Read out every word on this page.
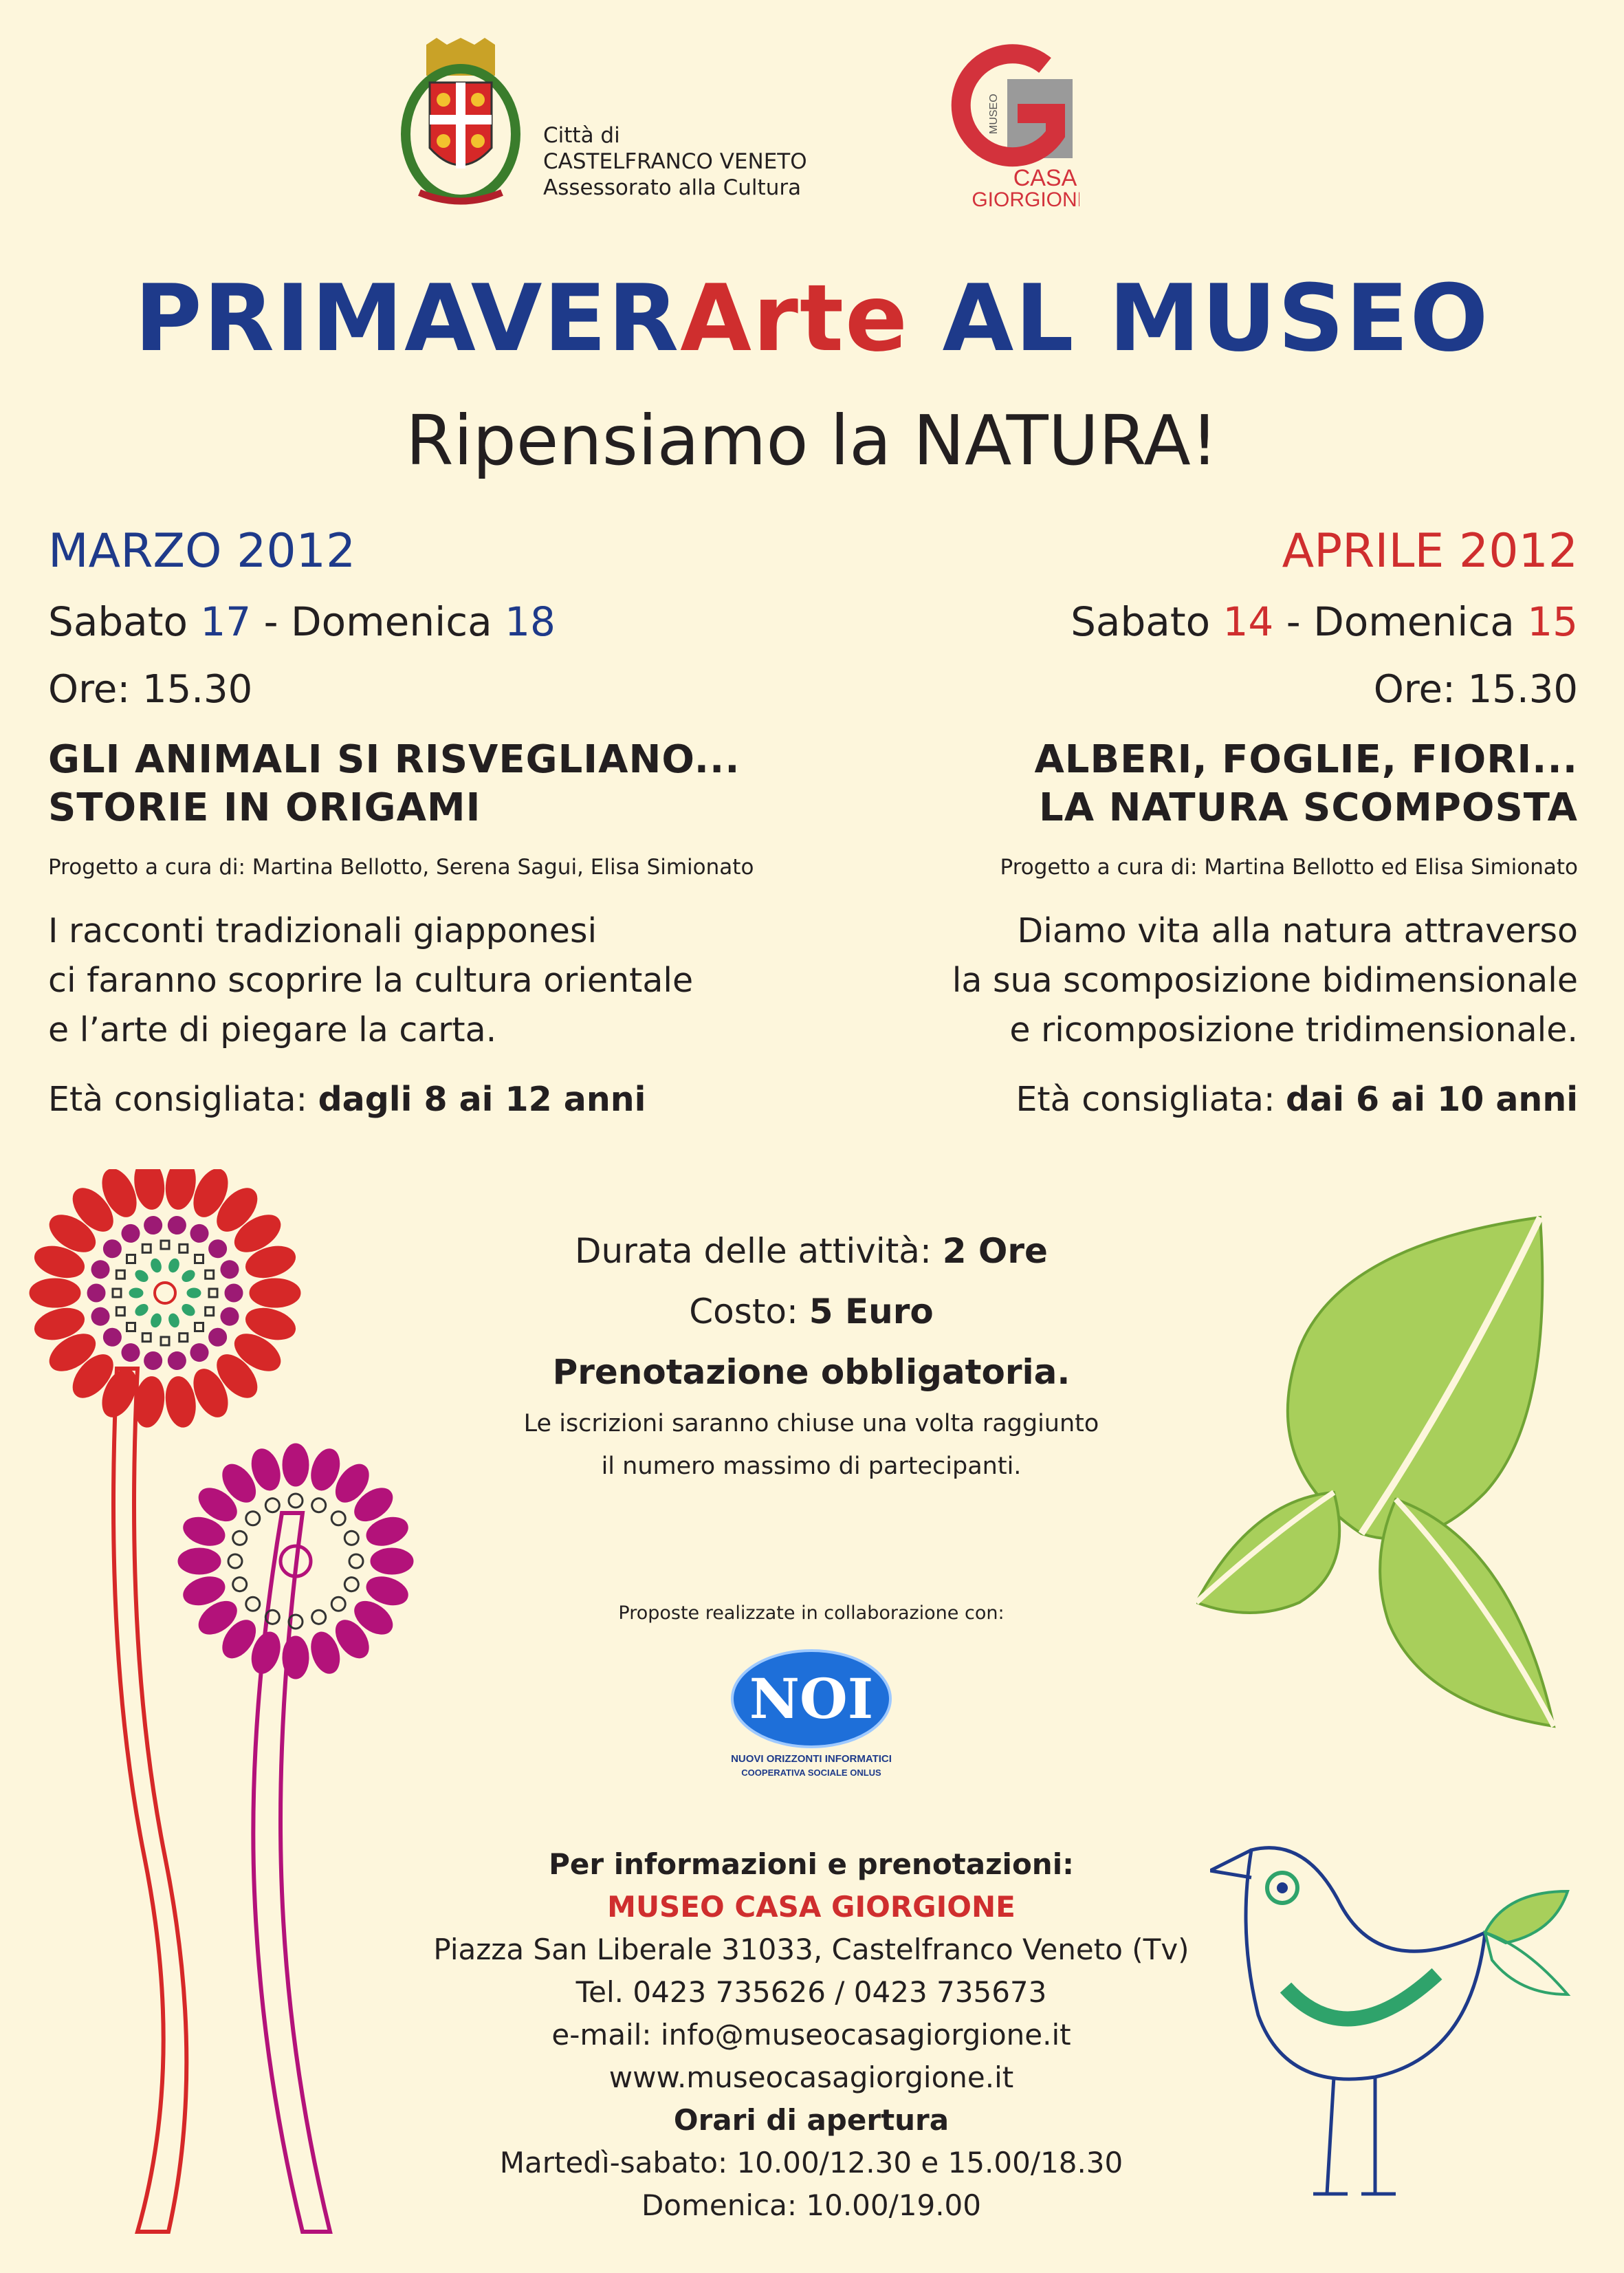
Città di
CASTELFRANCO VENETO
Assessorato alla Cultura
MUSEO
CASA
GIORGIONE
PRIMAVERArte AL MUSEO
Ripensiamo la NATURA!
MARZO 2012
Sabato 17 - Domenica 18
Ore: 15.30
GLI ANIMALI SI RISVEGLIANO...
STORIE IN ORIGAMI
Progetto a cura di: Martina Bellotto, Serena Sagui, Elisa Simionato
I racconti tradizionali giapponesi
ci faranno scoprire la cultura orientale
e l’arte di piegare la carta.
Età consigliata: dagli 8 ai 12 anni
APRILE 2012
Sabato 14 - Domenica 15
Ore: 15.30
ALBERI, FOGLIE, FIORI...
LA NATURA SCOMPOSTA
Progetto a cura di: Martina Bellotto ed Elisa Simionato
Diamo vita alla natura attraverso
la sua scomposizione bidimensionale
e ricomposizione tridimensionale.
Età consigliata: dai 6 ai 10 anni
Durata delle attività: 2 Ore
Costo: 5 Euro
Prenotazione obbligatoria.
Le iscrizioni saranno chiuse una volta raggiunto
il numero massimo di partecipanti.
Proposte realizzate in collaborazione con:
NOI
NUOVI ORIZZONTI INFORMATICI
COOPERATIVA SOCIALE ONLUS
Per informazioni e prenotazioni:
MUSEO CASA GIORGIONE
Piazza San Liberale 31033, Castelfranco Veneto (Tv)
Tel. 0423 735626 / 0423 735673
e-mail: info@museocasagiorgione.it
www.museocasagiorgione.it
Orari di apertura
Martedì-sabato: 10.00/12.30 e 15.00/18.30
Domenica: 10.00/19.00
